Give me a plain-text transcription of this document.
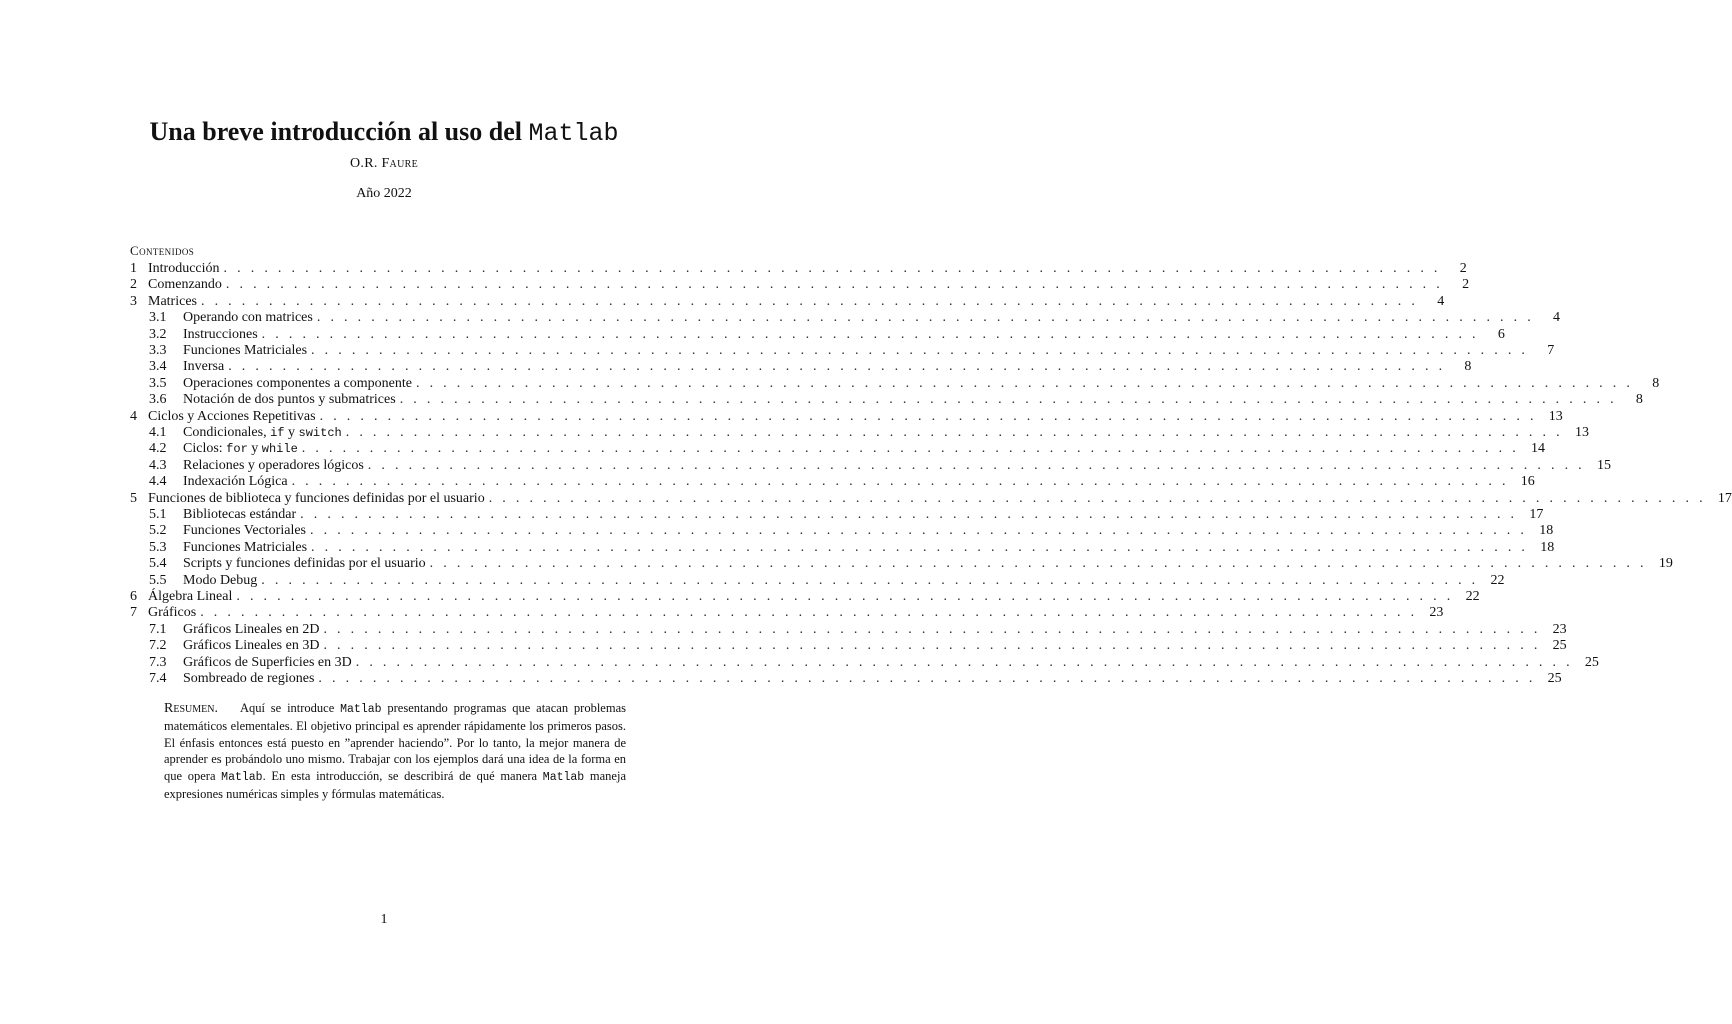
Una breve introducción al uso del Matlab
O.R. Faure
Año 2022
Contenidos
1 Introducción . . . . . . . . . . . . . . . . . . . . . . . . . . . . . . . . . . . . . . . . . . . . . . . . . . . . . . . . . . . . . . . . . . . . . . . . . . . . . . . . . . . . . . . . . .	2
2 Comenzando . . . . . . . . . . . . . . . . . . . . . . . . . . . . . . . . . . . . . . . . . . . . . . . . . . . . . . . . . . . . . . . . . . . . . . . . . . . . . . . . . . . . . . . . . .	2
3 Matrices . . . . . . . . . . . . . . . . . . . . . . . . . . . . . . . . . . . . . . . . . . . . . . . . . . . . . . . . . . . . . . . . . . . . . . . . . . . . . . . . . . . . . . . . . .	4
3.1	Operando con matrices . . . . . . . . . . . . . . . . . . . . . . . . . . . . . . . . . . . . . . . . . . . . . . . . . . . . . . . . . . . . . . . . . . . . . . . . . . . . . . . . . . . . . . . . . .	4
3.2	Instrucciones . . . . . . . . . . . . . . . . . . . . . . . . . . . . . . . . . . . . . . . . . . . . . . . . . . . . . . . . . . . . . . . . . . . . . . . . . . . . . . . . . . . . . . . . . .	6
3.3	Funciones Matriciales . . . . . . . . . . . . . . . . . . . . . . . . . . . . . . . . . . . . . . . . . . . . . . . . . . . . . . . . . . . . . . . . . . . . . . . . . . . . . . . . . . . . . . . . . .	7
3.4	Inversa . . . . . . . . . . . . . . . . . . . . . . . . . . . . . . . . . . . . . . . . . . . . . . . . . . . . . . . . . . . . . . . . . . . . . . . . . . . . . . . . . . . . . . . . . .	8
3.5	Operaciones componentes a componente . . . . . . . . . . . . . . . . . . . . . . . . . . . . . . . . . . . . . . . . . . . . . . . . . . . . . . . . . . . . . . . . . . . . . . . . . . . . . . . . . . . . . . . . . .	8
3.6	Notación de dos puntos y submatrices . . . . . . . . . . . . . . . . . . . . . . . . . . . . . . . . . . . . . . . . . . . . . . . . . . . . . . . . . . . . . . . . . . . . . . . . . . . . . . . . . . . . . . . . . .	8
4 Ciclos y Acciones Repetitivas . . . . . . . . . . . . . . . . . . . . . . . . . . . . . . . . . . . . . . . . . . . . . . . . . . . . . . . . . . . . . . . . . . . . . . . . . . . . . . . . . . . . . . . . . . 13
4.1	Condicionales, if y switch . . . . . . . . . . . . . . . . . . . . . . . . . . . . . . . . . . . . . . . . . . . . . . . . . . . . . . . . . . . . . . . . . . . . . . . . . . . . . . . . . . . . . . . . . . 13
4.2	Ciclos: for y while . . . . . . . . . . . . . . . . . . . . . . . . . . . . . . . . . . . . . . . . . . . . . . . . . . . . . . . . . . . . . . . . . . . . . . . . . . . . . . . . . . . . . . . . . . 14
4.3	Relaciones y operadores lógicos . . . . . . . . . . . . . . . . . . . . . . . . . . . . . . . . . . . . . . . . . . . . . . . . . . . . . . . . . . . . . . . . . . . . . . . . . . . . . . . . . . . . . . . . . . 15
4.4	Indexación Lógica . . . . . . . . . . . . . . . . . . . . . . . . . . . . . . . . . . . . . . . . . . . . . . . . . . . . . . . . . . . . . . . . . . . . . . . . . . . . . . . . . . . . . . . . . . 16
5 Funciones de biblioteca y funciones definidas por el usuario . . . . . . . . . . . . . . . . . . . . . . . . . . . . . . . . . . . . . . . . . . . . . . . . . . . . . . . . . . . . . . . . . . . . . . . . . . . . . . . . . . . . . . . . . . 17
5.1	Bibliotecas estándar . . . . . . . . . . . . . . . . . . . . . . . . . . . . . . . . . . . . . . . . . . . . . . . . . . . . . . . . . . . . . . . . . . . . . . . . . . . . . . . . . . . . . . . . . . 17
5.2	Funciones Vectoriales . . . . . . . . . . . . . . . . . . . . . . . . . . . . . . . . . . . . . . . . . . . . . . . . . . . . . . . . . . . . . . . . . . . . . . . . . . . . . . . . . . . . . . . . . . 18
5.3	Funciones Matriciales . . . . . . . . . . . . . . . . . . . . . . . . . . . . . . . . . . . . . . . . . . . . . . . . . . . . . . . . . . . . . . . . . . . . . . . . . . . . . . . . . . . . . . . . . . 18
5.4	Scripts y funciones definidas por el usuario . . . . . . . . . . . . . . . . . . . . . . . . . . . . . . . . . . . . . . . . . . . . . . . . . . . . . . . . . . . . . . . . . . . . . . . . . . . . . . . . . . . . . . . . . . 19
5.5	Modo Debug . . . . . . . . . . . . . . . . . . . . . . . . . . . . . . . . . . . . . . . . . . . . . . . . . . . . . . . . . . . . . . . . . . . . . . . . . . . . . . . . . . . . . . . . . . 22
6 Álgebra Lineal . . . . . . . . . . . . . . . . . . . . . . . . . . . . . . . . . . . . . . . . . . . . . . . . . . . . . . . . . . . . . . . . . . . . . . . . . . . . . . . . . . . . . . . . . . 22
7 Gráficos . . . . . . . . . . . . . . . . . . . . . . . . . . . . . . . . . . . . . . . . . . . . . . . . . . . . . . . . . . . . . . . . . . . . . . . . . . . . . . . . . . . . . . . . . . 23
7.1	Gráficos Lineales en 2D . . . . . . . . . . . . . . . . . . . . . . . . . . . . . . . . . . . . . . . . . . . . . . . . . . . . . . . . . . . . . . . . . . . . . . . . . . . . . . . . . . . . . . . . . . 23
7.2	Gráficos Lineales en 3D . . . . . . . . . . . . . . . . . . . . . . . . . . . . . . . . . . . . . . . . . . . . . . . . . . . . . . . . . . . . . . . . . . . . . . . . . . . . . . . . . . . . . . . . . . 25
7.3	Gráficos de Superficies en 3D . . . . . . . . . . . . . . . . . . . . . . . . . . . . . . . . . . . . . . . . . . . . . . . . . . . . . . . . . . . . . . . . . . . . . . . . . . . . . . . . . . . . . . . . . . 25
7.4	Sombreado de regiones . . . . . . . . . . . . . . . . . . . . . . . . . . . . . . . . . . . . . . . . . . . . . . . . . . . . . . . . . . . . . . . . . . . . . . . . . . . . . . . . . . . . . . . . . . 25
Resumen. Aquí se introduce Matlab presentando programas que atacan problemas matemáticos elementales. El objetivo principal es aprender rápidamente los primeros pasos. El énfasis entonces está puesto en ”aprender haciendo”. Por lo tanto, la mejor manera de aprender es probándolo uno mismo. Trabajar con los ejemplos dará una idea de la forma en que opera Matlab. En esta introducción, se describirá de qué manera Matlab maneja expresiones numéricas simples y fórmulas matemáticas.
1
